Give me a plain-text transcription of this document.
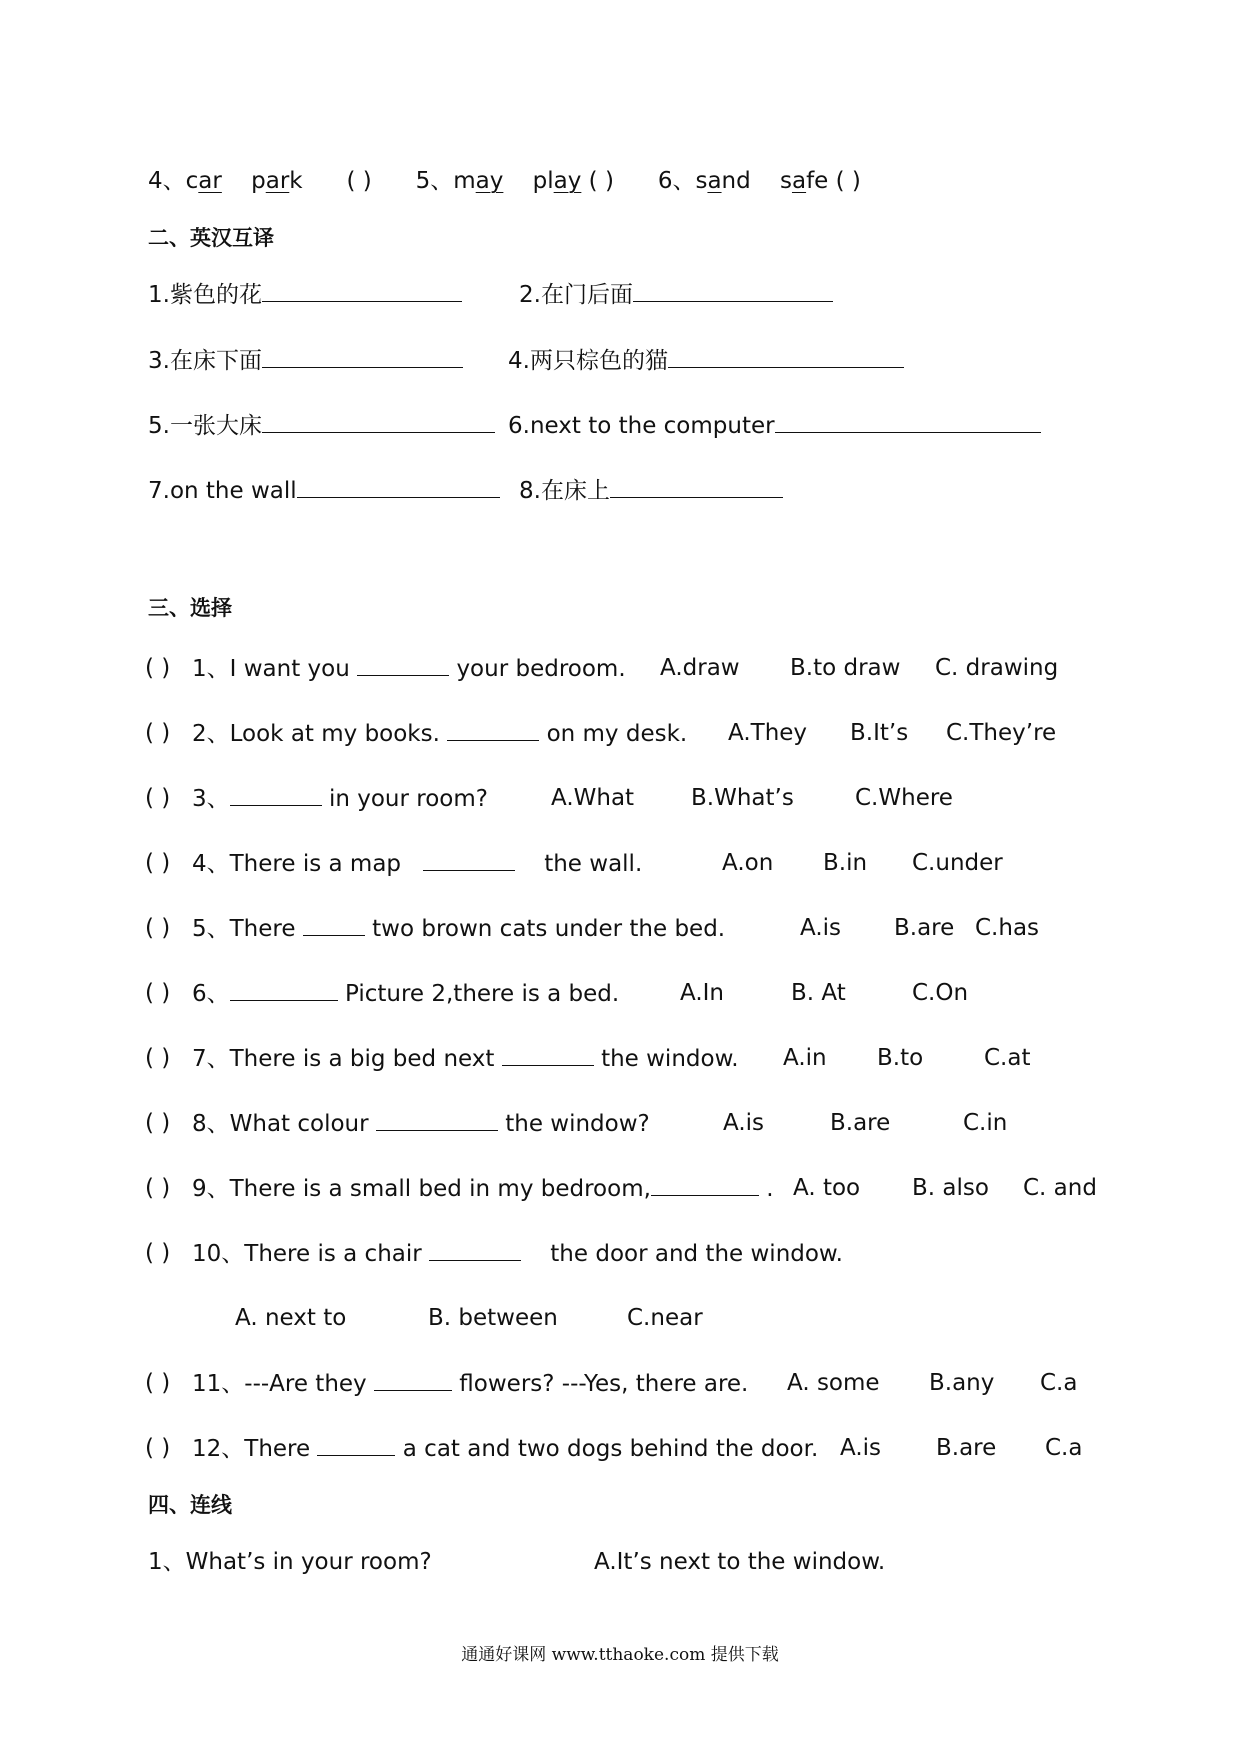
4、car park ( ) 5、may play ( ) 6、sand safe ( )
二、英汉互译
1.紫色的花	2.在门后面
3.在床下面	4.两只棕色的猫
5.一张大床	6.next to the computer
7.on the wall	8.在床上
三、选择
( ) 1、I want you	your bedroom. A.draw B.to draw C. drawing
( ) 2、Look at my books.	on my desk. A.They B.It’s C.They’re
( ) 3、	in your room?	A.What B.What’s	C.Where
( ) 4、There is a map	the wall.	A.on B.in C.under
( ) 5、There	two brown cats under the bed.	A.is B.are C.has
( ) 6、	Picture 2,there is a bed.	A.In	B. At	C.On
( ) 7、There is a big bed next	the window. A.in B.to	C.at
( ) 8、What colour	the window?	A.is	B.are	C.in
( ) 9、There is a small bed in my bedroom,	. A. too B. also C. and
( ) 10、There is a chair	the door and the window.
A. next to	B. between	C.near
( ) 11、---Are they	flowers? ---Yes, there are. A. some B.any C.a
( ) 12、There	a cat and two dogs behind the door. A.is B.are C.a
四、连线
1、What’s in your room?	A.It’s next to the window.
通通好课网 www.tthaoke.com 提供下载
